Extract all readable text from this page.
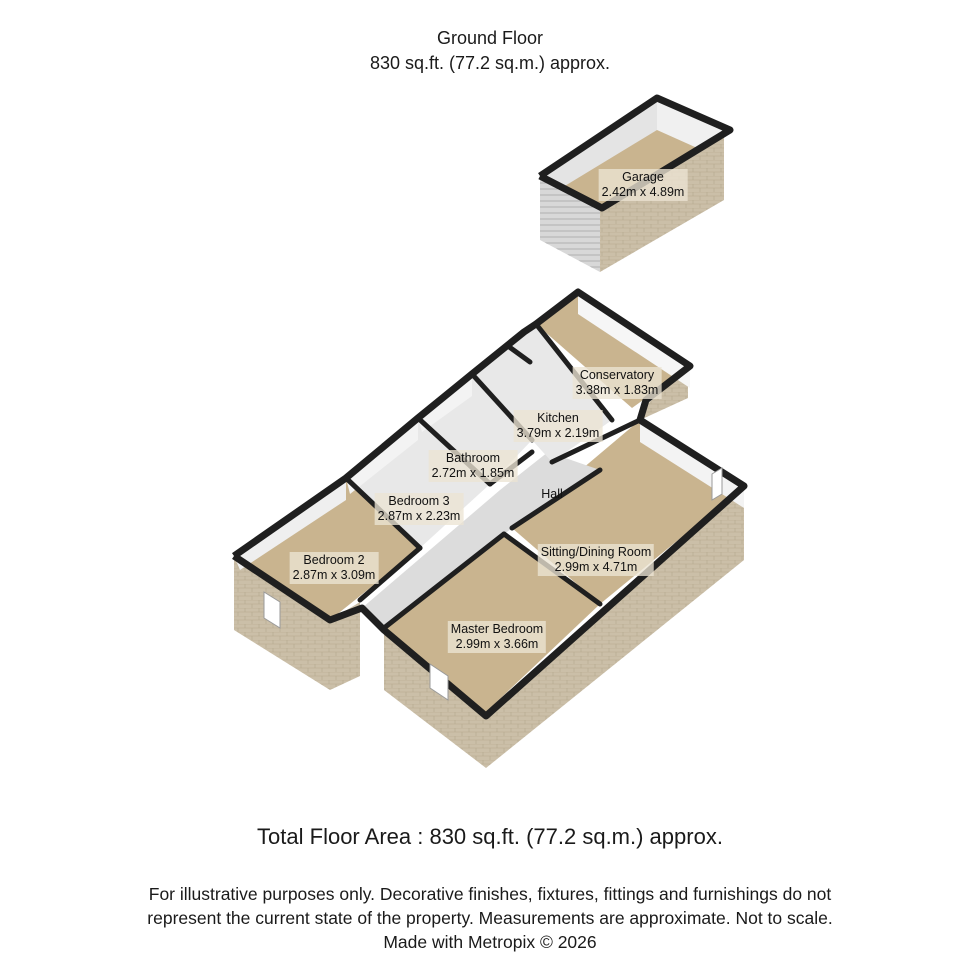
Ground Floor
830 sq.ft. (77.2 sq.m.) approx.
Garage
2.42m x 4.89m
Conservatory
3.38m x 1.83m
Kitchen
3.79m x 2.19m
Bathroom
2.72m x 1.85m
Hall
Bedroom 3
2.87m x 2.23m
Bedroom 2
2.87m x 3.09m
Sitting/Dining Room
2.99m x 4.71m
Master Bedroom
2.99m x 3.66m
Total Floor Area : 830 sq.ft. (77.2 sq.m.) approx.
For illustrative purposes only. Decorative finishes, fixtures, fittings and furnishings do not
represent the current state of the property. Measurements are approximate. Not to scale.
Made with Metropix © 2026
